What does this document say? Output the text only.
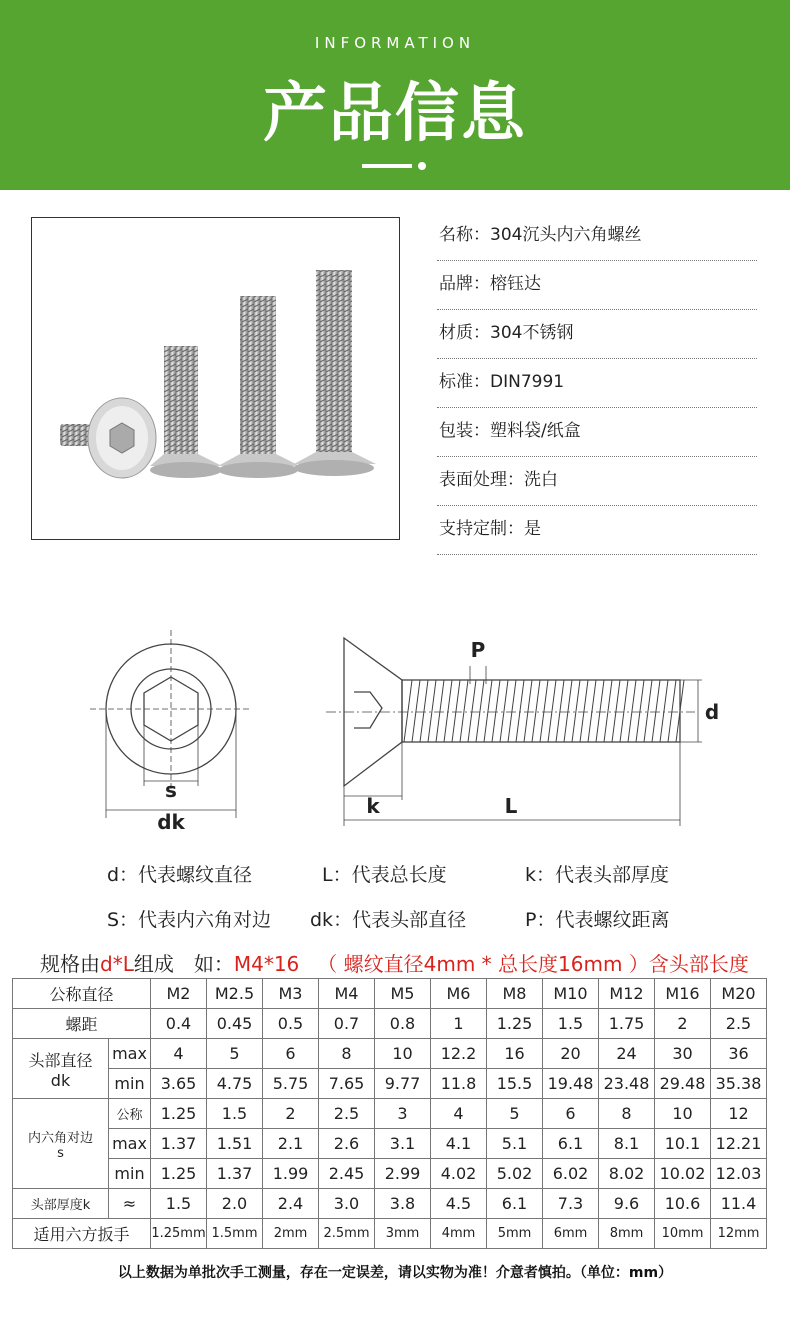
INFORMATION
产品信息
名称：304沉头内六角螺丝
品牌：榕钰达
材质：304不锈钢
标准：DIN7991
包装：塑料袋/纸盒
表面处理：洗白
支持定制：是
s
dk
P
d
k	L
d：代表螺纹直径	L：代表总长度	k：代表头部厚度
S：代表内六角对边 dk：代表头部直径	P：代表螺纹距离
规格由d*L组成　如：M4*16 （ 螺纹直径4mm * 总长度16mm ）含头部长度
公称直径		M2	M2.5	M3	M4	M5	M6	M8	M10	M12	M16	M20
螺距		0.4	0.45	0.5	0.7	0.8	1	1.25	1.5	1.75	2	2.5

头部直径
dk	max	4	5	6	8	10	12.2	16	20	24	30	36
	min	3.65	4.75	5.75	7.65	9.77	11.8	15.5	19.48	23.48	29.48	35.38

内六角对边
s	公称	1.25	1.5	2	2.5	3	4	5	6	8	10	12
	max	1.37	1.51	2.1	2.6	3.1	4.1	5.1	6.1	8.1	10.1	12.21
	min	1.25	1.37	1.99	2.45	2.99	4.02	5.02	6.02	8.02	10.02	12.03
头部厚度k	≈	1.5	2.0	2.4	3.0	3.8	4.5	6.1	7.3	9.6	10.6	11.4
适用六方扳手		1.25mm	1.5mm	2mm	2.5mm	3mm	4mm	5mm	6mm	8mm	10mm	12mm
以上数据为单批次手工测量，存在一定误差，请以实物为准！介意者慎拍。（单位：mm）
